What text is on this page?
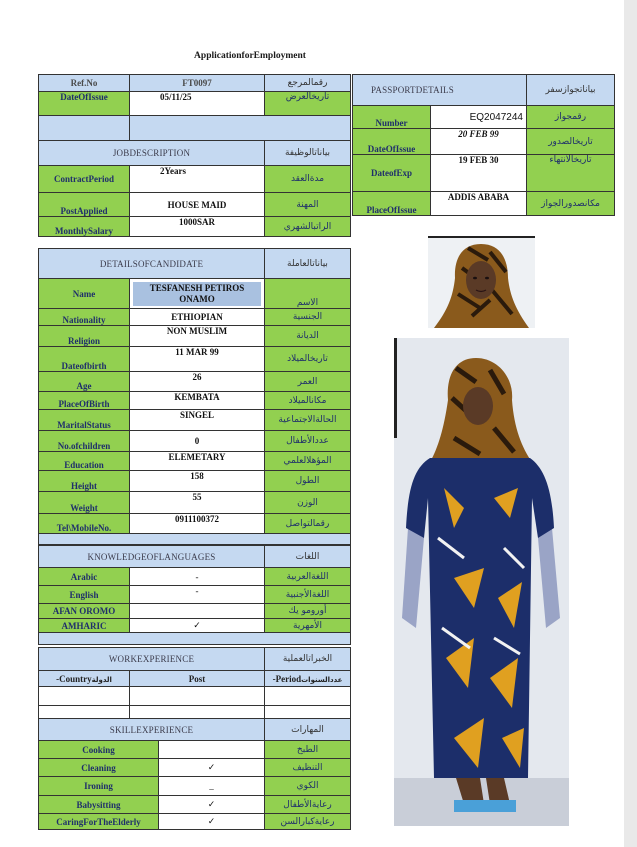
ApplicationforEmployment
Ref.No	FT0097	رقمالمرجع
DateOfIssue	05/11/25	تاريخالعرض

JOBDESCRIPTION		بياناتالوظيفة
ContractPeriod	2Years	مدةالعقد
PostApplied	HOUSE MAID	المهنة
MonthlySalary	1000SAR	الراتبالشهري
DETAILSOFCANDIDATE		بياناتالعاملة
Name	TESFANESH PETIROS ONAMO	الاسم
Nationality	ETHIOPIAN	الجنسية
Religion	NON MUSLIM	الديانة
Dateofbirth	11 MAR 99	تاريخالميلاد
Age	26	العمر
PlaceOfBirth	KEMBATA	مكانالميلاد
MaritalStatus	SINGEL	الحالةالاجتماعية
No.ofchildren	0	عددالأطفال
Education	ELEMETARY	المؤهلالعلمي
Height	158	الطول
Weight	55	الوزن
Tel\MobileNo.	0911100372	رقمالتواصل

KNOWLEDGEOFLANGUAGES		اللغات
Arabic	-	اللغةالعربية
English	-	اللغةالأجنبية
AFAN OROMO		أورومو يك
AMHARIC	✓	الأمهرية

WORKEXPERIENCE		الخبراتالعملية
-Countryالدولة	Post	-Periodعددالسنوات

SKILLEXPERIENCE		المهارات
Cooking		الطبخ
Cleaning	✓	التنظيف
Ironing	_	الكوي
Babysitting	✓	رعايةالأطفال
CaringForTheElderly	✓	رعايةكبارالسن
PASSPORTDETAILS		بياناتجوازسفر
Number	EQ2047244	رقمجواز
DateOfIssue	20 FEB 99	تاريخالصدور
DateofExp	19 FEB 30	تاريخالانتهاء
PlaceOfIssue	ADDIS ABABA	مكانصدورالجواز
